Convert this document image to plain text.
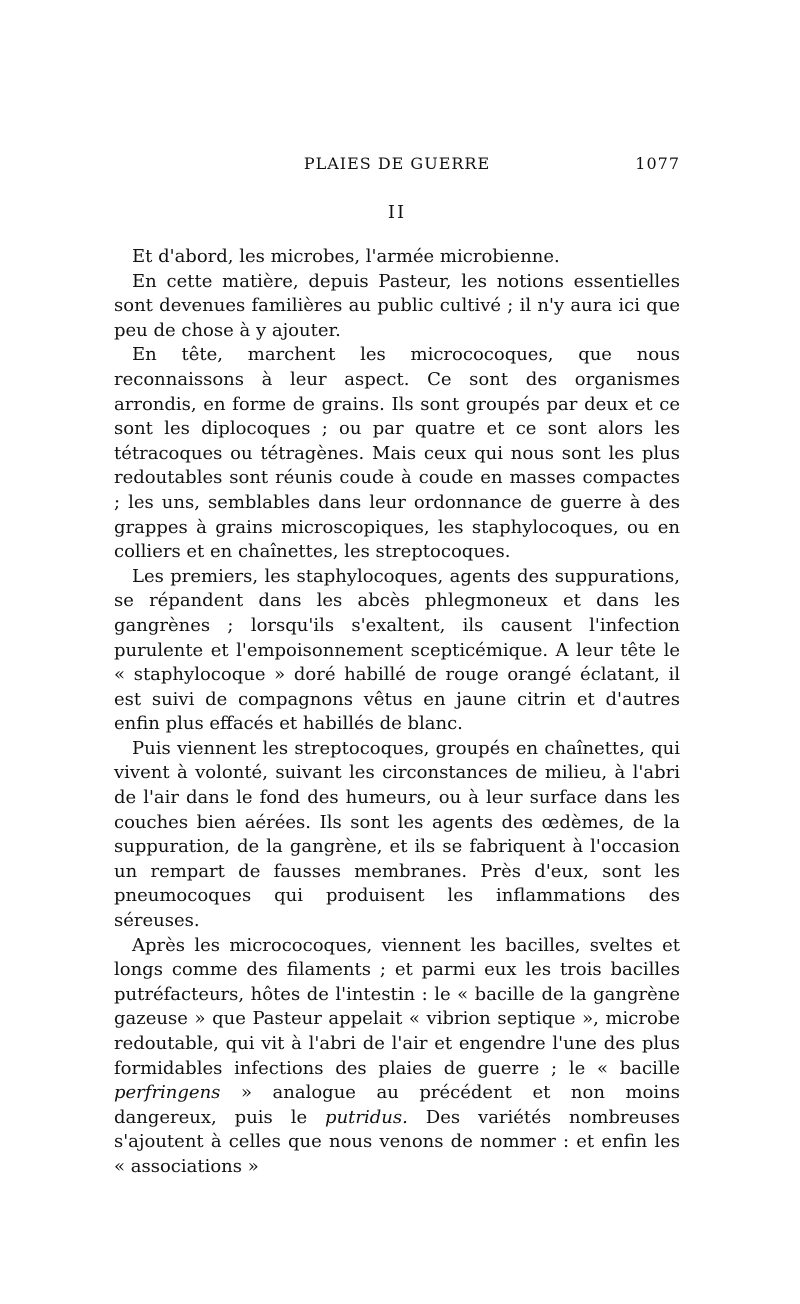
PLAIES DE GUERRE	1077
II

Et d'abord, les microbes, l'armée microbienne.

En cette matière, depuis Pasteur, les notions essentielles sont devenues familières au public cultivé ; il n'y aura ici que peu de chose à y ajouter.

En tête, marchent les micrococoques, que nous reconnaissons à leur aspect. Ce sont des organismes arrondis, en forme de grains. Ils sont groupés par deux et ce sont les diplocoques ; ou par quatre et ce sont alors les tétracoques ou tétragènes. Mais ceux qui nous sont les plus redoutables sont réunis coude à coude en masses compactes ; les uns, semblables dans leur ordonnance de guerre à des grappes à grains microscopiques, les staphylocoques, ou en colliers et en chaînettes, les streptocoques.

Les premiers, les staphylocoques, agents des suppurations, se répandent dans les abcès phlegmoneux et dans les gangrènes ; lorsqu'ils s'exaltent, ils causent l'infection purulente et l'empoisonnement scepticémique. A leur tête le « staphylocoque » doré habillé de rouge orangé éclatant, il est suivi de compagnons vêtus en jaune citrin et d'autres enfin plus effacés et habillés de blanc.

Puis viennent les streptocoques, groupés en chaînettes, qui vivent à volonté, suivant les circonstances de milieu, à l'abri de l'air dans le fond des humeurs, ou à leur surface dans les couches bien aérées. Ils sont les agents des œdèmes, de la suppuration, de la gangrène, et ils se fabriquent à l'occasion un rempart de fausses membranes. Près d'eux, sont les pneumocoques qui produisent les inflammations des séreuses.

Après les micrococoques, viennent les bacilles, sveltes et longs comme des filaments ; et parmi eux les trois bacilles putréfacteurs, hôtes de l'intestin : le « bacille de la gangrène gazeuse » que Pasteur appelait « vibrion septique », microbe redoutable, qui vit à l'abri de l'air et engendre l'une des plus formidables infections des plaies de guerre ; le « bacille perfringens » analogue au précédent et non moins dangereux, puis le putridus. Des variétés nombreuses s'ajoutent à celles que nous venons de nommer : et enfin les « associations »
